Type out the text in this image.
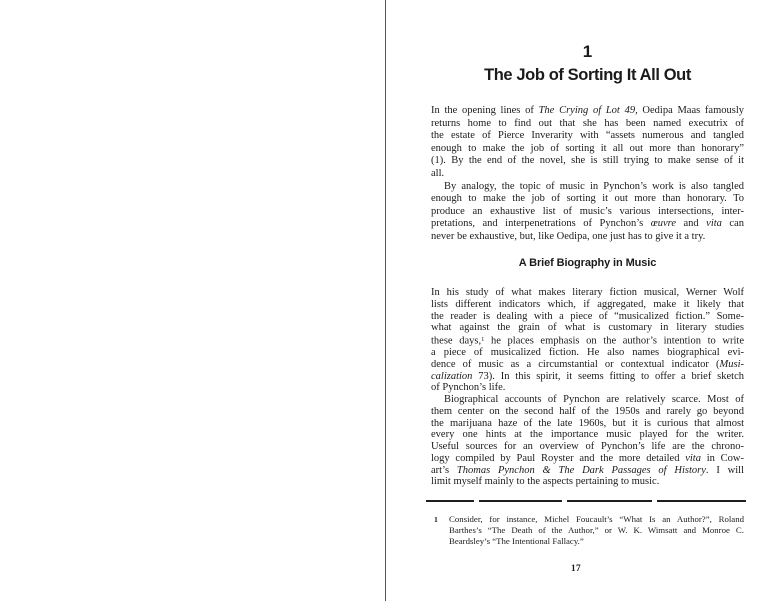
1
The Job of Sorting It All Out
In the opening lines of The Crying of Lot 49, Oedipa Maas famously
returns home to find out that she has been named executrix of
the estate of Pierce Inverarity with “assets numerous and tangled
enough to make the job of sorting it all out more than honorary”
(1). By the end of the novel, she is still trying to make sense of it
all.
By analogy, the topic of music in Pynchon’s work is also tangled
enough to make the job of sorting it out more than honorary. To
produce an exhaustive list of music’s various intersections, inter-
pretations, and interpenetrations of Pynchon’s œuvre and vita can
never be exhaustive, but, like Oedipa, one just has to give it a try.
A Brief Biography in Music
In his study of what makes literary fiction musical, Werner Wolf
lists different indicators which, if aggregated, make it likely that
the reader is dealing with a piece of “musicalized fiction.” Some-
what against the grain of what is customary in literary studies
these days,$^1$ he places emphasis on the author’s intention to write
a piece of musicalized fiction. He also names biographical evi-
dence of music as a circumstantial or contextual indicator (Musi-
calization 73). In this spirit, it seems fitting to offer a brief sketch
of Pynchon’s life.
Biographical accounts of Pynchon are relatively scarce. Most of
them center on the second half of the 1950s and rarely go beyond
the marijuana haze of the late 1960s, but it is curious that almost
every one hints at the importance music played for the writer.
Useful sources for an overview of Pynchon’s life are the chrono-
logy compiled by Paul Royster and the more detailed vita in Cow-
art’s Thomas Pynchon & The Dark Passages of History. I will
limit myself mainly to the aspects pertaining to music.
1 Consider, for instance, Michel Foucault’s “What Is an Author?”, Roland
Barthes’s “The Death of the Author,” or W. K. Wimsatt and Monroe C.
Beardsley’s “The Intentional Fallacy.”
17
